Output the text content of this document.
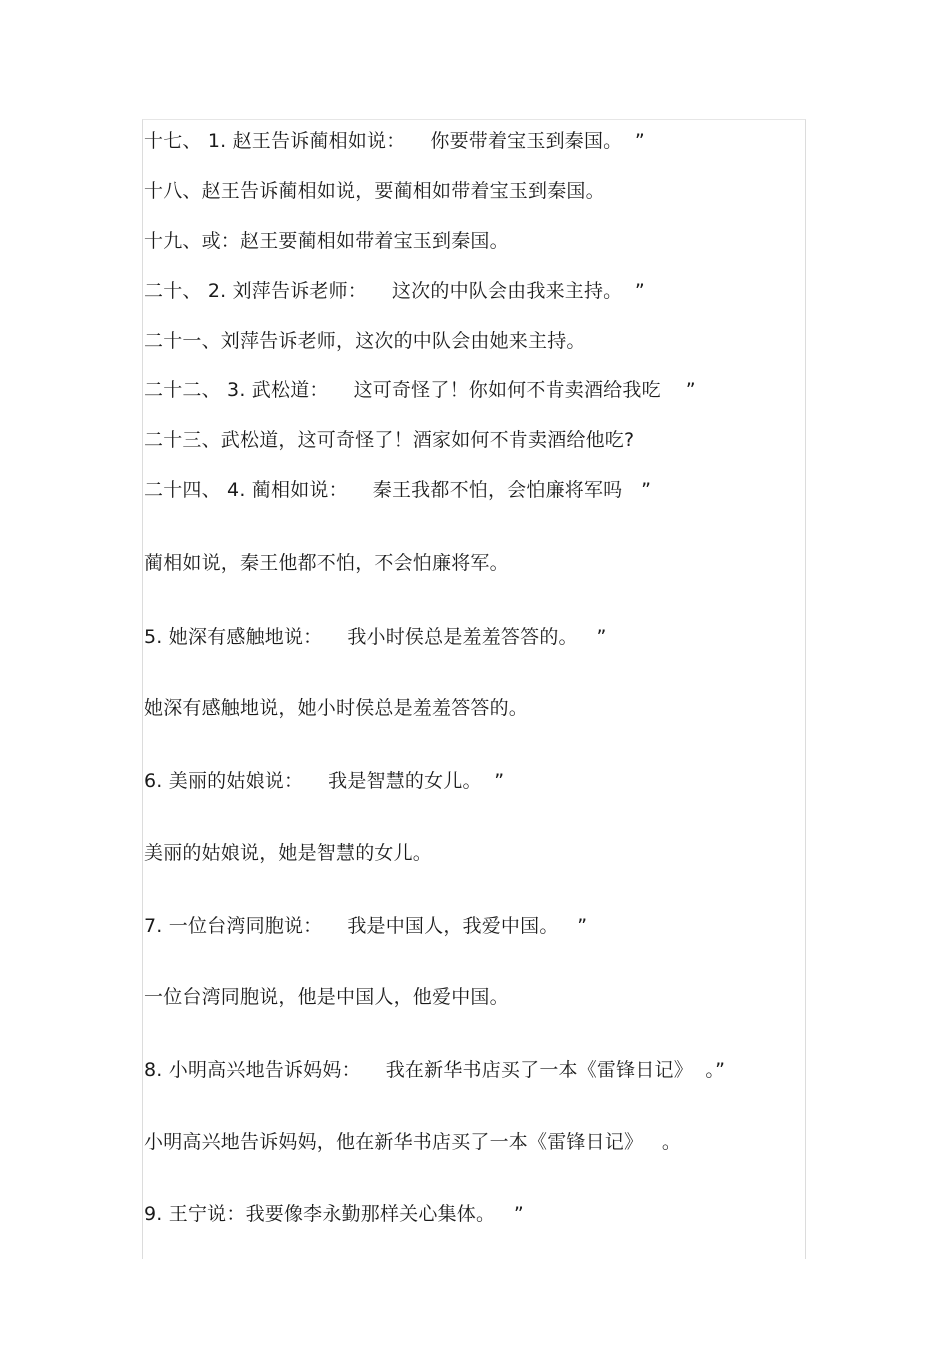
十七、 1. 赵王告诉蔺相如说：    你要带着宝玉到秦国。  ”
十八、赵王告诉蔺相如说，要蔺相如带着宝玉到秦国。
十九、或：赵王要蔺相如带着宝玉到秦国。
二十、 2. 刘萍告诉老师：    这次的中队会由我来主持。  ”
二十一、刘萍告诉老师，这次的中队会由她来主持。
二十二、 3. 武松道：    这可奇怪了！你如何不肯卖酒给我吃    ”
二十三、武松道，这可奇怪了！酒家如何不肯卖酒给他吃?
二十四、 4. 蔺相如说：    秦王我都不怕，会怕廉将军吗   ”
蔺相如说，秦王他都不怕，不会怕廉将军。
5. 她深有感触地说：    我小时侯总是羞羞答答的。   ”
她深有感触地说，她小时侯总是羞羞答答的。
6. 美丽的姑娘说：    我是智慧的女儿。  ”
美丽的姑娘说，她是智慧的女儿。
7. 一位台湾同胞说：    我是中国人，我爱中国。   ”
一位台湾同胞说，他是中国人，他爱中国。
8. 小明高兴地告诉妈妈：    我在新华书店买了一本《雷锋日记》  。”
小明高兴地告诉妈妈，他在新华书店买了一本《雷锋日记》   。
9. 王宁说：我要像李永勤那样关心集体。   ”
